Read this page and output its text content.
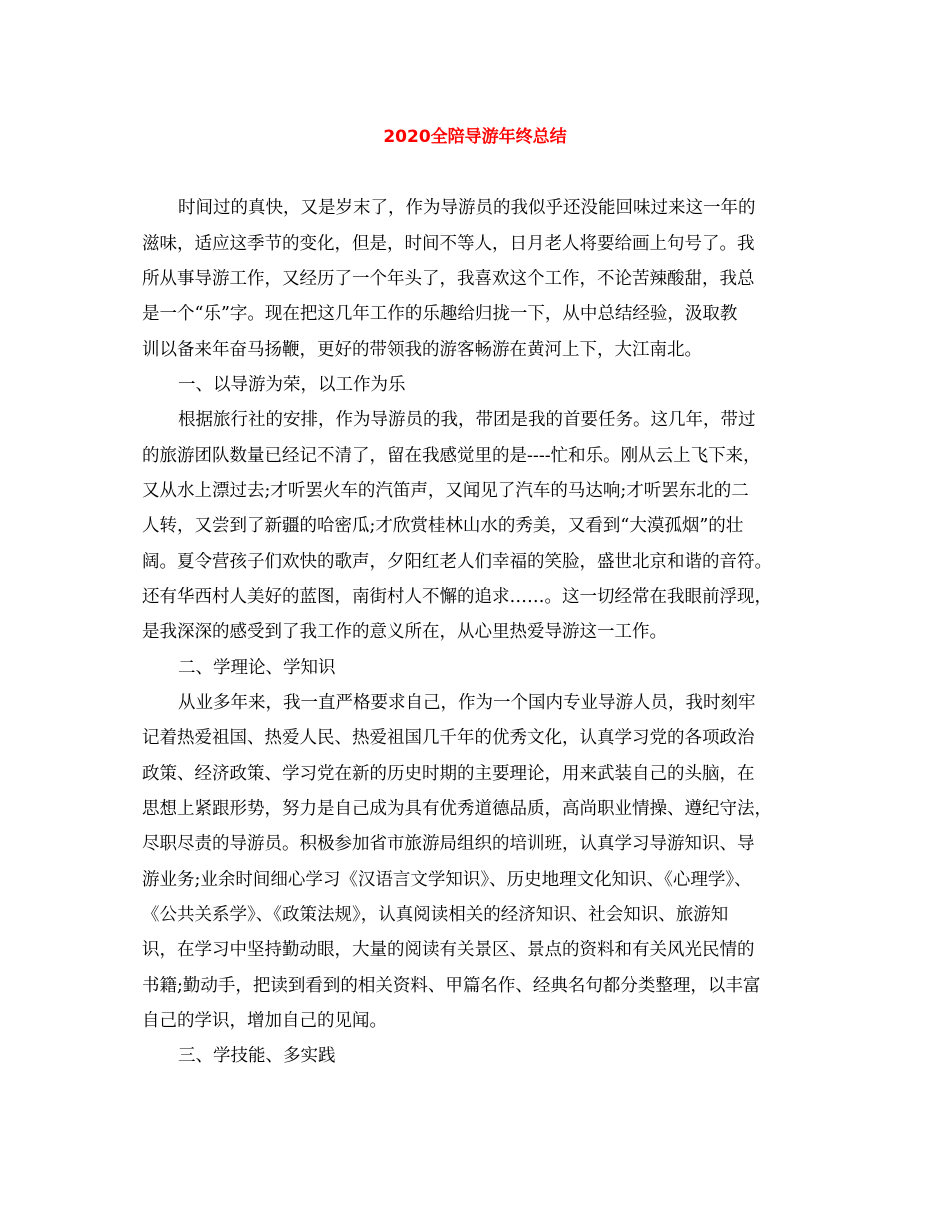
2020全陪导游年终总结

时间过的真快，又是岁末了，作为导游员的我似乎还没能回味过来这一年的

滋味，适应这季节的变化，但是，时间不等人，日月老人将要给画上句号了。我

所从事导游工作，又经历了一个年头了，我喜欢这个工作，不论苦辣酸甜，我总

是一个“乐”字。现在把这几年工作的乐趣给归拢一下，从中总结经验，汲取教

训以备来年奋马扬鞭，更好的带领我的游客畅游在黄河上下，大江南北。

一、以导游为荣，以工作为乐

根据旅行社的安排，作为导游员的我，带团是我的首要任务。这几年，带过

的旅游团队数量已经记不清了，留在我感觉里的是----忙和乐。刚从云上飞下来，

又从水上漂过去;才听罢火车的汽笛声，又闻见了汽车的马达响;才听罢东北的二

人转，又尝到了新疆的哈密瓜;才欣赏桂林山水的秀美，又看到“大漠孤烟”的壮

阔。夏令营孩子们欢快的歌声，夕阳红老人们幸福的笑脸，盛世北京和谐的音符。

还有华西村人美好的蓝图，南街村人不懈的追求……。这一切经常在我眼前浮现，

是我深深的感受到了我工作的意义所在，从心里热爱导游这一工作。

二、学理论、学知识

从业多年来，我一直严格要求自己，作为一个国内专业导游人员，我时刻牢

记着热爱祖国、热爱人民、热爱祖国几千年的优秀文化，认真学习党的各项政治

政策、经济政策、学习党在新的历史时期的主要理论，用来武装自己的头脑，在

思想上紧跟形势，努力是自己成为具有优秀道德品质，高尚职业情操、遵纪守法，

尽职尽责的导游员。积极参加省市旅游局组织的培训班，认真学习导游知识、导

游业务;业余时间细心学习《汉语言文学知识》、历史地理文化知识、《心理学》、

《公共关系学》、《政策法规》，认真阅读相关的经济知识、社会知识、旅游知

识，在学习中坚持勤动眼，大量的阅读有关景区、景点的资料和有关风光民情的

书籍;勤动手，把读到看到的相关资料、甲篇名作、经典名句都分类整理，以丰富

自己的学识，增加自己的见闻。

三、学技能、多实践
